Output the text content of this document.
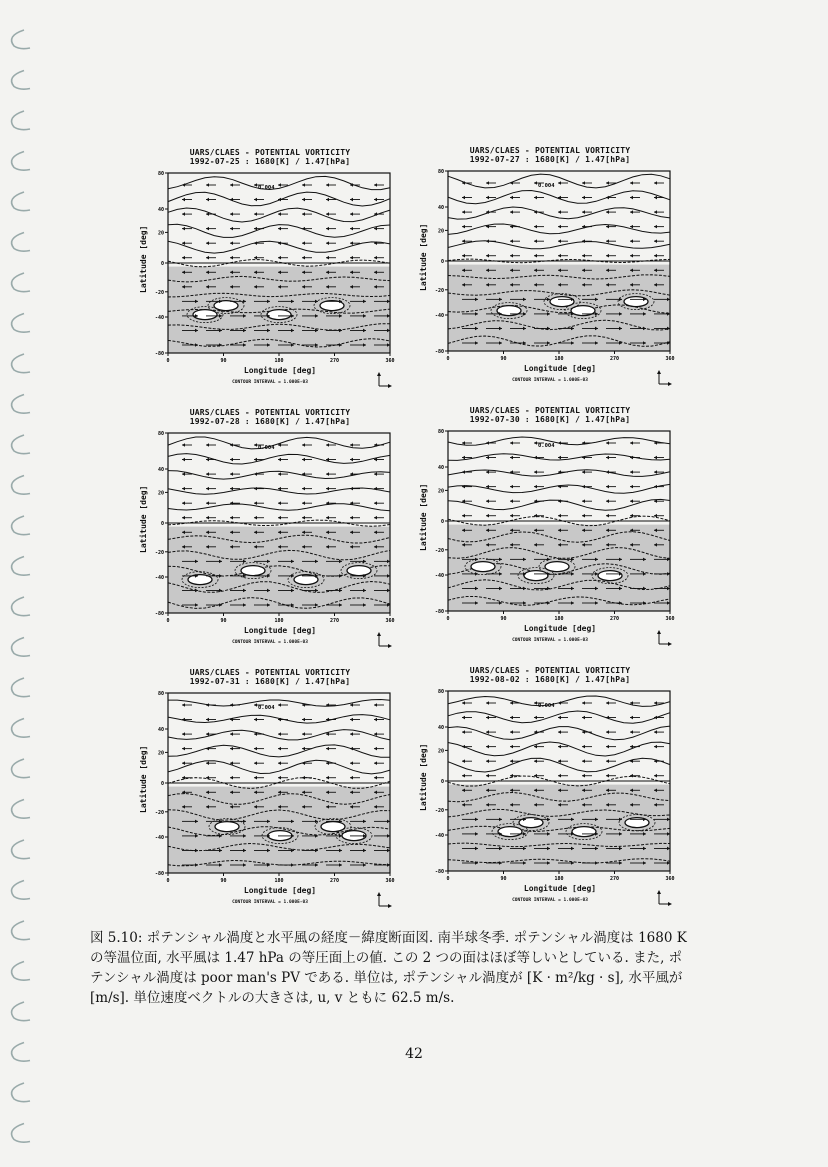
UARS/CLAES - POTENTIAL VORTICITY
1992-07-25 : 1680[K] / 1.47[hPa]
0.004
80
40
20
0
-20
-40
-80
0	90	180	270	360
Latitude [deg]
Longitude [deg]
CONTOUR INTERVAL = 1.000E-03
UARS/CLAES - POTENTIAL VORTICITY
1992-07-27 : 1680[K] / 1.47[hPa]
0.004
80
40
20
0
-20
-40
-80
0	90	180	270	360
Latitude [deg]
Longitude [deg]
CONTOUR INTERVAL = 1.000E-03
UARS/CLAES - POTENTIAL VORTICITY
1992-07-28 : 1680[K] / 1.47[hPa]
0.004
80
40
20
0
-20
-40
-80
0	90	180	270	360
Latitude [deg]
Longitude [deg]
CONTOUR INTERVAL = 1.000E-03
UARS/CLAES - POTENTIAL VORTICITY
1992-07-30 : 1680[K] / 1.47[hPa]
0.004
80
40
20
0
-20
-40
-80
0	90	180	270	360
Latitude [deg]
Longitude [deg]
CONTOUR INTERVAL = 1.000E-03
UARS/CLAES - POTENTIAL VORTICITY
1992-07-31 : 1680[K] / 1.47[hPa]
0.004
80
40
20
0
-20
-40
-80
0	90	180	270	360
Latitude [deg]
Longitude [deg]
CONTOUR INTERVAL = 1.000E-03
UARS/CLAES - POTENTIAL VORTICITY
1992-08-02 : 1680[K] / 1.47[hPa]
0.004
80
40
20
0
-20
-40
-80
0	90	180	270	360
Latitude [deg]
Longitude [deg]
CONTOUR INTERVAL = 1.000E-03
図 5.10: ポテンシャル渦度と水平風の経度－緯度断面図. 南半球冬季. ポテンシャル渦度は 1680 K
の等温位面, 水平風は 1.47 hPa の等圧面上の値. この 2 つの面はほぼ等しいとしている. また, ポ
テンシャル渦度は poor man's PV である. 単位は, ポテンシャル渦度が [K · m²/kg · s], 水平風が
[m/s]. 単位速度ベクトルの大きさは, u, v ともに 62.5 m/s.
42
